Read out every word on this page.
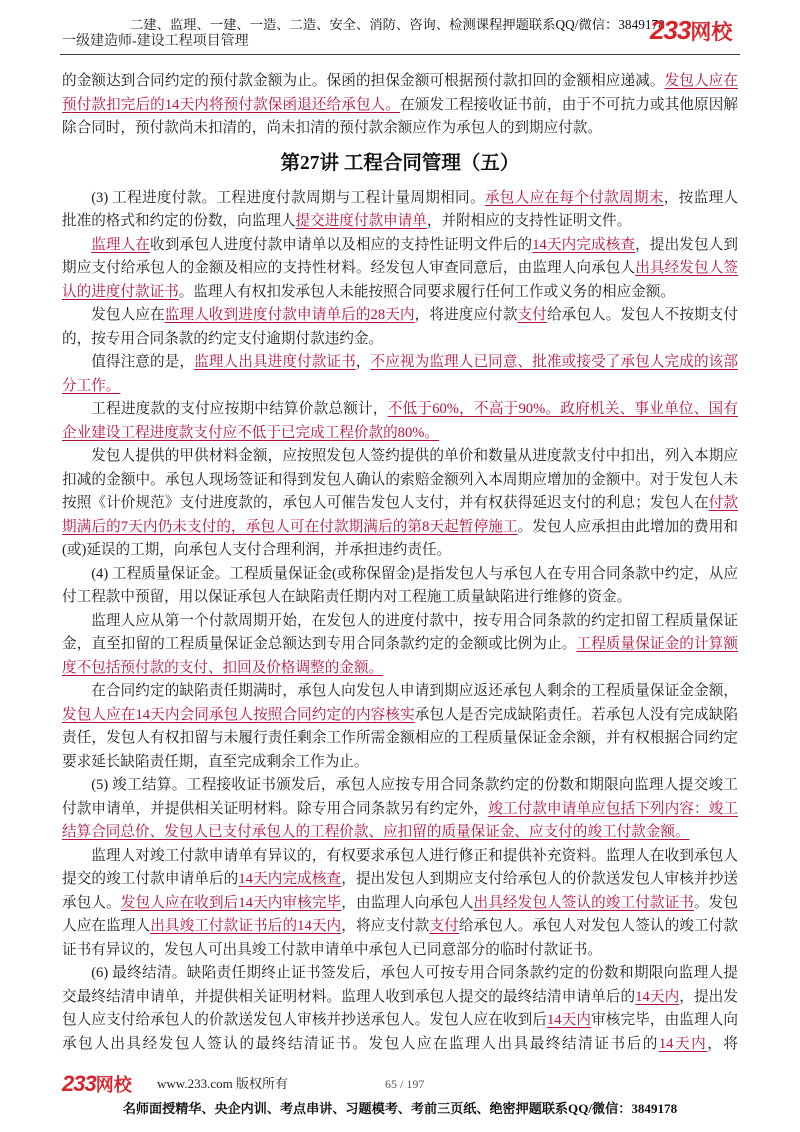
二建、监理、一建、一造、二造、安全、消防、咨询、检测课程押题联系QQ/微信：3849178
一级建造师-建设工程项目管理	233网校

的金额达到合同约定的预付款金额为止。保函的担保金额可根据预付款扣回的金额相应递减。发包人应在预付款扣完后的14天内将预付款保函退还给承包人。在颁发工程接收证书前，由于不可抗力或其他原因解除合同时，预付款尚未扣清的，尚未扣清的预付款余额应作为承包人的到期应付款。

第27讲 工程合同管理（五）

(3) 工程进度付款。工程进度付款周期与工程计量周期相同。承包人应在每个付款周期末，按监理人批准的格式和约定的份数，向监理人提交进度付款申请单，并附相应的支持性证明文件。

监理人在收到承包人进度付款申请单以及相应的支持性证明文件后的14天内完成核查，提出发包人到期应支付给承包人的金额及相应的支持性材料。经发包人审查同意后，由监理人向承包人出具经发包人签认的进度付款证书。监理人有权扣发承包人未能按照合同要求履行任何工作或义务的相应金额。

发包人应在监理人收到进度付款申请单后的28天内，将进度应付款支付给承包人。发包人不按期支付的，按专用合同条款的约定支付逾期付款违约金。

值得注意的是，监理人出具进度付款证书，不应视为监理人已同意、批准或接受了承包人完成的该部分工作。

工程进度款的支付应按期中结算价款总额计，不低于60%，不高于90%。政府机关、事业单位、国有企业建设工程进度款支付应不低于已完成工程价款的80%。

发包人提供的甲供材料金额，应按照发包人签约提供的单价和数量从进度款支付中扣出，列入本期应扣减的金额中。承包人现场签证和得到发包人确认的索赔金额列入本周期应增加的金额中。对于发包人未按照《计价规范》支付进度款的，承包人可催告发包人支付，并有权获得延迟支付的利息；发包人在付款期满后的7天内仍未支付的，承包人可在付款期满后的第8天起暂停施工。发包人应承担由此增加的费用和(或)延误的工期，向承包人支付合理利润，并承担违约责任。

(4) 工程质量保证金。工程质量保证金(或称保留金)是指发包人与承包人在专用合同条款中约定，从应付工程款中预留，用以保证承包人在缺陷责任期内对工程施工质量缺陷进行维修的资金。

监理人应从第一个付款周期开始，在发包人的进度付款中，按专用合同条款的约定扣留工程质量保证金，直至扣留的工程质量保证金总额达到专用合同条款约定的金额或比例为止。工程质量保证金的计算额度不包括预付款的支付、扣回及价格调整的金额。

在合同约定的缺陷责任期满时，承包人向发包人申请到期应返还承包人剩余的工程质量保证金金额，发包人应在14天内会同承包人按照合同约定的内容核实承包人是否完成缺陷责任。若承包人没有完成缺陷责任，发包人有权扣留与未履行责任剩余工作所需金额相应的工程质量保证金余额，并有权根据合同约定要求延长缺陷责任期，直至完成剩余工作为止。

(5) 竣工结算。工程接收证书颁发后，承包人应按专用合同条款约定的份数和期限向监理人提交竣工付款申请单，并提供相关证明材料。除专用合同条款另有约定外，竣工付款申请单应包括下列内容：竣工结算合同总价、发包人已支付承包人的工程价款、应扣留的质量保证金、应支付的竣工付款金额。

监理人对竣工付款申请单有异议的，有权要求承包人进行修正和提供补充资料。监理人在收到承包人提交的竣工付款申请单后的14天内完成核查，提出发包人到期应支付给承包人的价款送发包人审核并抄送承包人。发包人应在收到后14天内审核完毕，由监理人向承包人出具经发包人签认的竣工付款证书。发包人应在监理人出具竣工付款证书后的14天内，将应支付款支付给承包人。承包人对发包人签认的竣工付款证书有异议的，发包人可出具竣工付款申请单中承包人已同意部分的临时付款证书。

(6) 最终结清。缺陷责任期终止证书签发后，承包人可按专用合同条款约定的份数和期限向监理人提交最终结清申请单，并提供相关证明材料。监理人收到承包人提交的最终结清申请单后的14天内，提出发包人应支付给承包人的价款送发包人审核并抄送承包人。发包人应在收到后14天内审核完毕，由监理人向承包人出具经发包人签认的最终结清证书。发包人应在监理人出具最终结清证书后的14天内，将

233网校 www.233.com 版权所有	65 / 197
名师面授精华、央企内训、考点串讲、习题模考、考前三页纸、绝密押题联系QQ/微信：3849178
